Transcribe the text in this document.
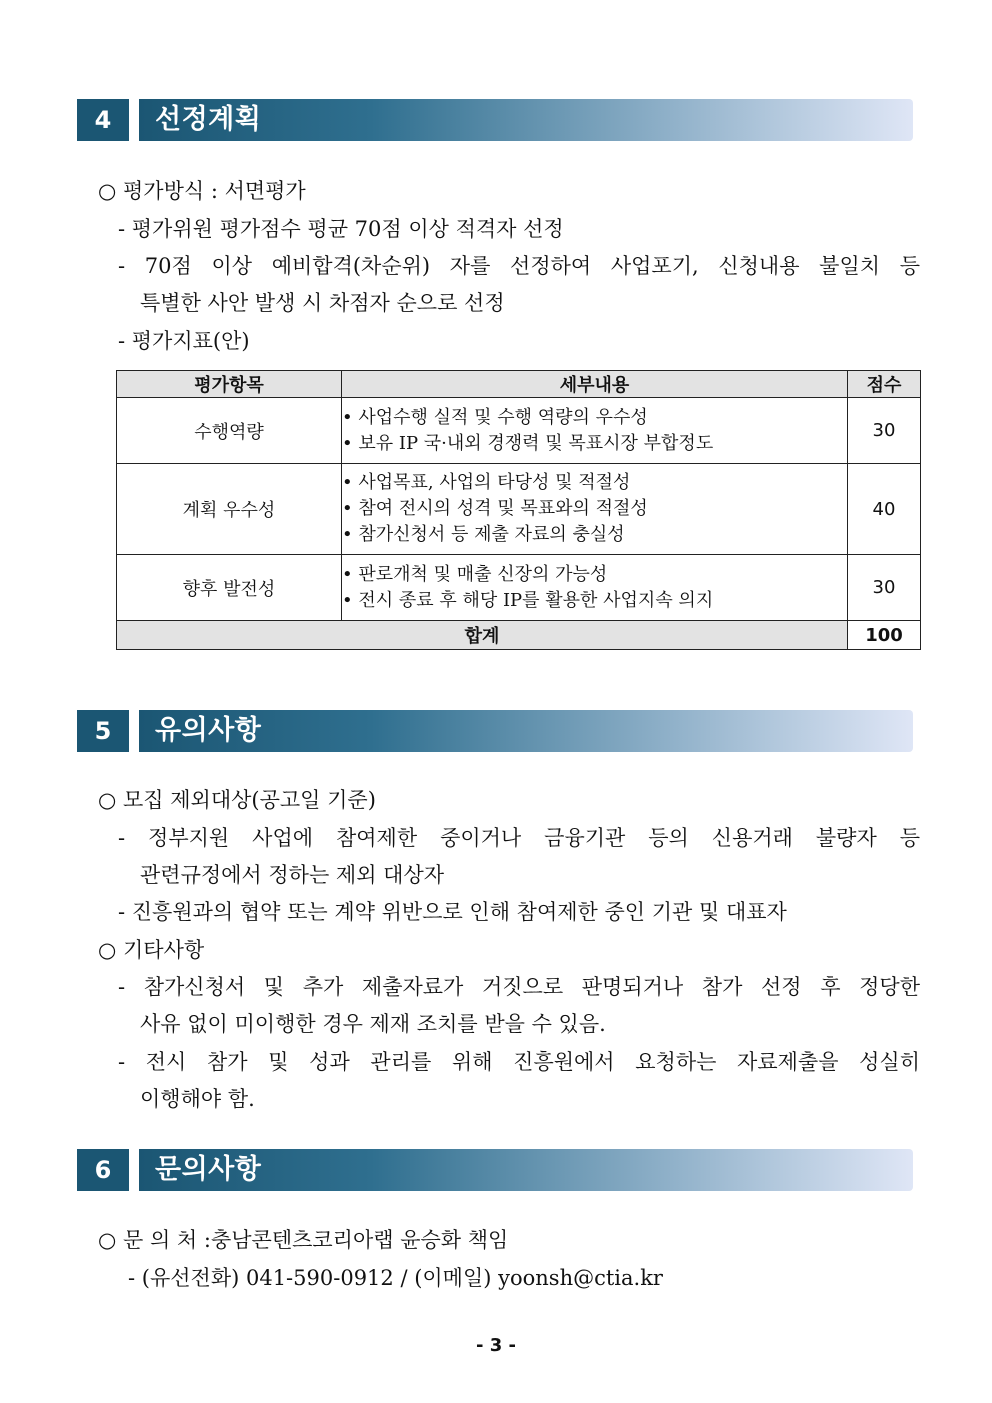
4	선정계획
○ 평가방식 : 서면평가
- 평가위원 평가점수 평균 70점 이상 적격자 선정
- 70점 이상 예비합격(차순위) 자를 선정하여 사업포기, 신청내용 불일치 등
특별한 사안 발생 시 차점자 순으로 선정
- 평가지표(안)
평가항목	세부내용	점수
수행역량	• 사업수행 실적 및 수행 역량의 우수성
• 보유 IP 국·내외 경쟁력 및 목표시장 부합정도	30
계획 우수성	• 사업목표, 사업의 타당성 및 적절성
• 참여 전시의 성격 및 목표와의 적절성
• 참가신청서 등 제출 자료의 충실성	40
향후 발전성	• 판로개척 및 매출 신장의 가능성
• 전시 종료 후 해당 IP를 활용한 사업지속 의지	30
합계		100
5	유의사항
○ 모집 제외대상(공고일 기준)
- 정부지원 사업에 참여제한 중이거나 금융기관 등의 신용거래 불량자 등
관련규정에서 정하는 제외 대상자
- 진흥원과의 협약 또는 계약 위반으로 인해 참여제한 중인 기관 및 대표자
○ 기타사항
- 참가신청서 및 추가 제출자료가 거짓으로 판명되거나 참가 선정 후 정당한
사유 없이 미이행한 경우 제재 조치를 받을 수 있음.
- 전시 참가 및 성과 관리를 위해 진흥원에서 요청하는 자료제출을 성실히
이행해야 함.
6	문의사항
○ 문 의 처 :충남콘텐츠코리아랩 윤승화 책임
- (유선전화) 041-590-0912 / (이메일) yoonsh@ctia.kr
- 3 -
